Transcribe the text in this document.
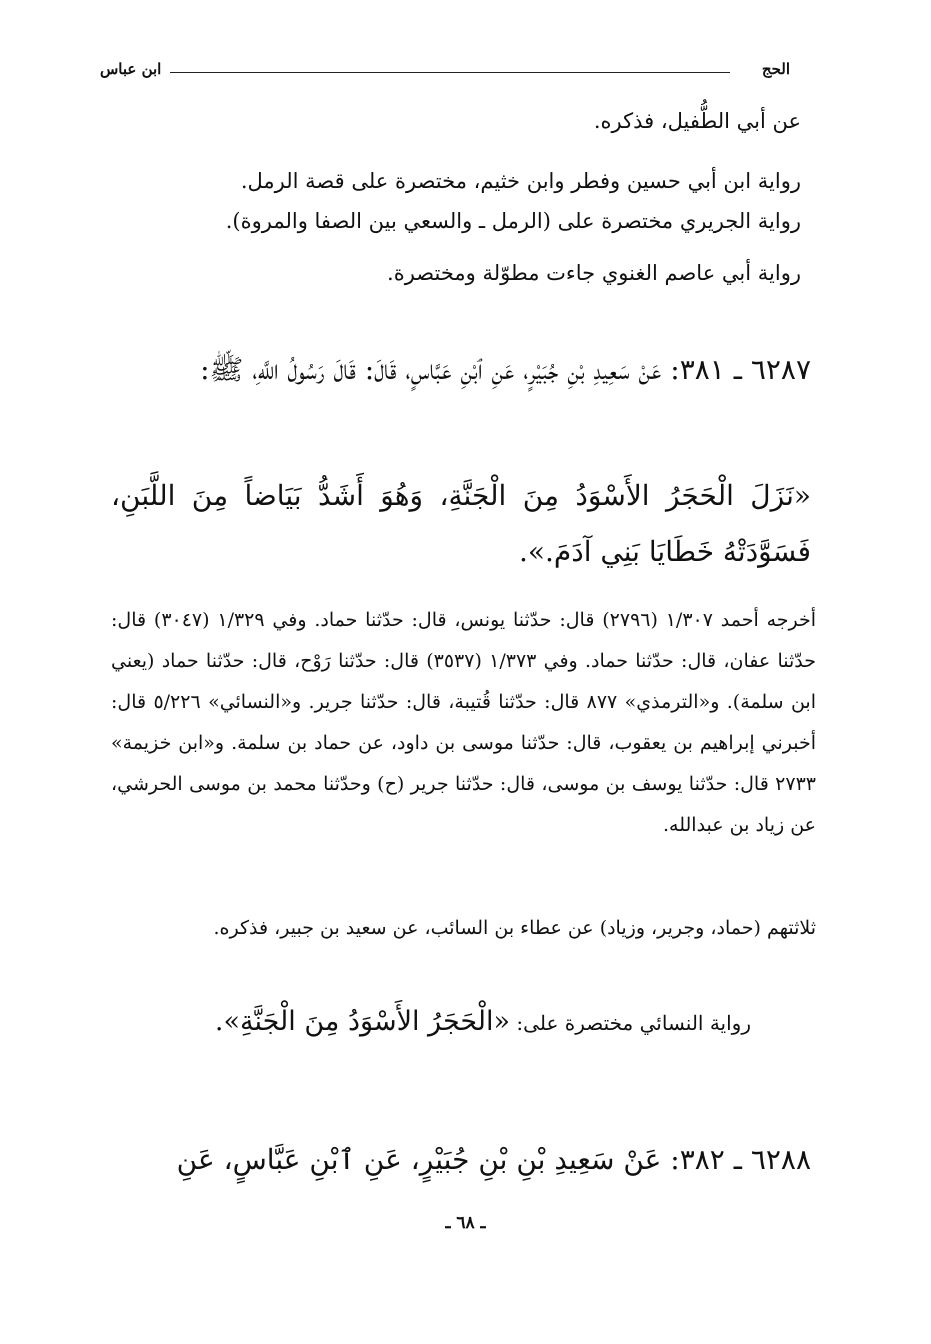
الحج
ابن عباس
عن أبي الطُّفيل، فذكره.
رواية ابن أبي حسين وفطر وابن خثيم، مختصرة على قصة الرمل.
رواية الجريري مختصرة على (الرمل ـ والسعي بين الصفا والمروة).
رواية أبي عاصم الغنوي جاءت مطوّلة ومختصرة.
٦٢٨٧ ـ ٣٨١: عَنْ سَعِيدِ بْنِ جُبَيْرٍ، عَنِ ٱبْنِ عَبَّاسٍ، قَالَ: قَالَ رَسُولُ اللَّهِ، ﷺ:
«نَزَلَ الْحَجَرُ الأَسْوَدُ مِنَ الْجَنَّةِ، وَهُوَ أَشَدُّ بَيَاضاً مِنَ اللَّبَنِ، فَسَوَّدَتْهُ خَطَايَا بَنِي آدَمَ.».
أخرجه أحمد ١/٣٠٧ (٢٧٩٦) قال: حدّثنا يونس، قال: حدّثنا حماد. وفي ١/٣٢٩ (٣٠٤٧) قال: حدّثنا عفان، قال: حدّثنا حماد. وفي ١/٣٧٣ (٣٥٣٧) قال: حدّثنا رَوْح، قال: حدّثنا حماد (يعني ابن سلمة). و«الترمذي» ٨٧٧ قال: حدّثنا قُتيبة، قال: حدّثنا جرير. و«النسائي» ٥/٢٢٦ قال: أخبرني إبراهيم بن يعقوب، قال: حدّثنا موسى بن داود، عن حماد بن سلمة. و«ابن خزيمة» ٢٧٣٣ قال: حدّثنا يوسف بن موسى، قال: حدّثنا جرير (ح) وحدّثنا محمد بن موسى الحرشي، عن زياد بن عبدالله.
ثلاثتهم (حماد، وجرير، وزياد) عن عطاء بن السائب، عن سعيد بن جبير، فذكره.
رواية النسائي مختصرة على: «الْحَجَرُ الأَسْوَدُ مِنَ الْجَنَّةِ».
٦٢٨٨ ـ ٣٨٢: عَنْ سَعِيدِ بْنِ بْنِ جُبَيْرٍ، عَنِ ٱبْنِ عَبَّاسٍ، عَنِ
ـ ٦٨ ـ
